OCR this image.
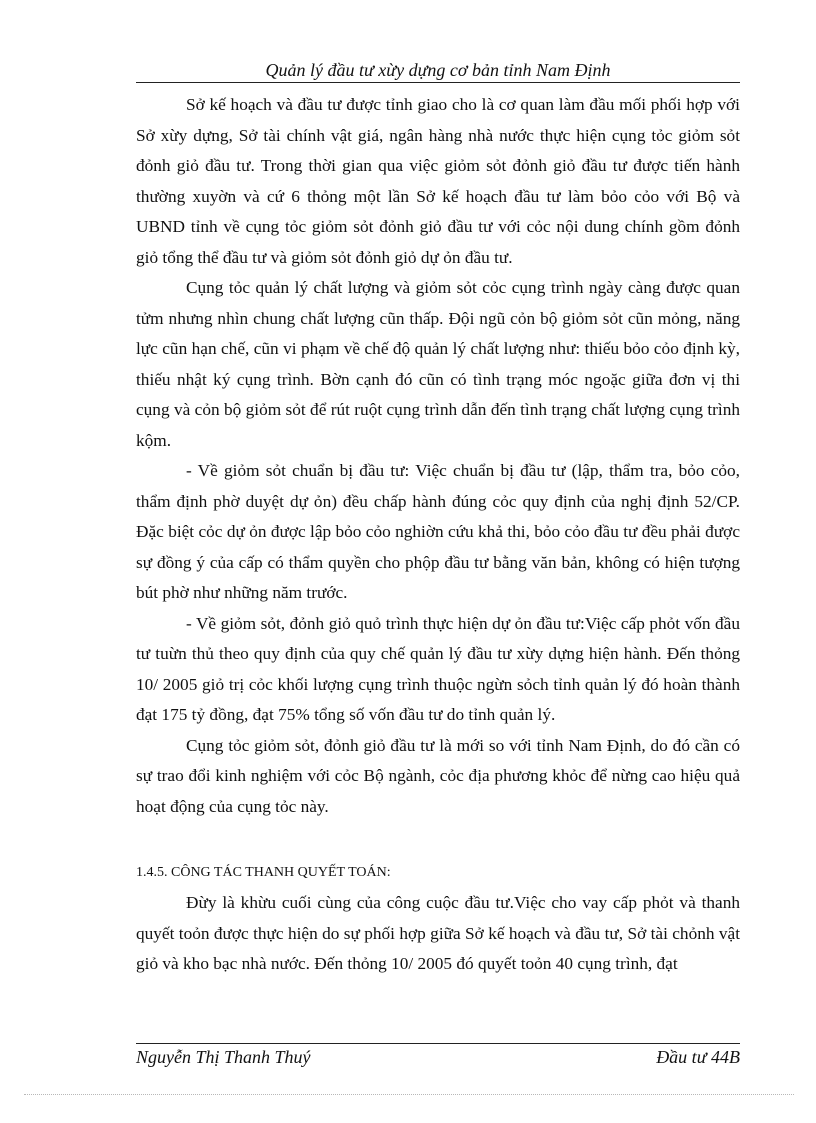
Quản lý đầu tư xừy dựng cơ bản tỉnh Nam Định

Sở kế hoạch và đầu tư được tỉnh giao cho là cơ quan làm đầu mối phối hợp với Sở xừy dựng, Sở tài chính vật giá, ngân hàng nhà nước thực hiện cụng tỏc giỏm sỏt đỏnh giỏ đầu tư. Trong thời gian qua việc giỏm sỏt đỏnh giỏ đầu tư được tiến hành thường xuyờn và cứ 6 thỏng một lần Sở kế hoạch đầu tư làm bỏo cỏo với Bộ và UBND tỉnh về cụng tỏc giỏm sỏt đỏnh giỏ đầu tư với cỏc nội dung chính gồm đỏnh giỏ tổng thể đầu tư và giỏm sỏt đỏnh giỏ dự ỏn đầu tư.

Cụng tỏc quản lý chất lượng và giỏm sỏt cỏc cụng trình ngày càng được quan tửm nhưng nhìn chung chất lượng cũn thấp. Đội ngũ cỏn bộ giỏm sỏt cũn mỏng, năng lực cũn hạn chế, cũn vi phạm về chế độ quản lý chất lượng như: thiếu bỏo cỏo định kỳ, thiếu nhật ký cụng trình. Bờn cạnh đó cũn có tình trạng móc ngoặc giữa đơn vị thi cụng và cỏn bộ giỏm sỏt để rút ruột cụng trình dẫn đến tình trạng chất lượng cụng trình kộm.

- Về giỏm sỏt chuẩn bị đầu tư: Việc chuẩn bị đầu tư (lập, thẩm tra, bỏo cỏo, thẩm định phờ duyệt dự ỏn) đều chấp hành đúng cỏc quy định của nghị định 52/CP. Đặc biệt cỏc dự ỏn được lập bỏo cỏo nghiờn cứu khả thi, bỏo cỏo đầu tư đều phải được sự đồng ý của cấp có thẩm quyền cho phộp đầu tư bằng văn bản, không có hiện tượng bút phờ như những năm trước.

- Về giỏm sỏt, đỏnh giỏ quỏ trình thực hiện dự ỏn đầu tư:Việc cấp phỏt vốn đầu tư tuừn thủ theo quy định của quy chế quản lý đầu tư xừy dựng hiện hành. Đến thỏng 10/ 2005 giỏ trị cỏc khối lượng cụng trình thuộc ngừn sỏch tỉnh quản lý đó hoàn thành đạt 175 tỷ đồng, đạt 75% tổng số vốn đầu tư do tỉnh quản lý.

Cụng tỏc giỏm sỏt, đỏnh giỏ đầu tư là mới so với tỉnh Nam Định, do đó cần có sự trao đổi kinh nghiệm với cỏc Bộ ngành, cỏc địa phương khỏc để nừng cao hiệu quả hoạt động của cụng tỏc này.

1.4.5. CÔNG TÁC THANH QUYẾT TOÁN:

Đừy là khừu cuối cùng của công cuộc đầu tư.Việc cho vay cấp phỏt và thanh quyết toỏn được thực hiện do sự phối hợp giữa Sở kế hoạch và đầu tư, Sở tài chỏnh vật giỏ và kho bạc nhà nước. Đến thỏng 10/ 2005 đó quyết toỏn 40 cụng trình, đạt

Nguyễn Thị Thanh Thuý	Đầu tư 44B
